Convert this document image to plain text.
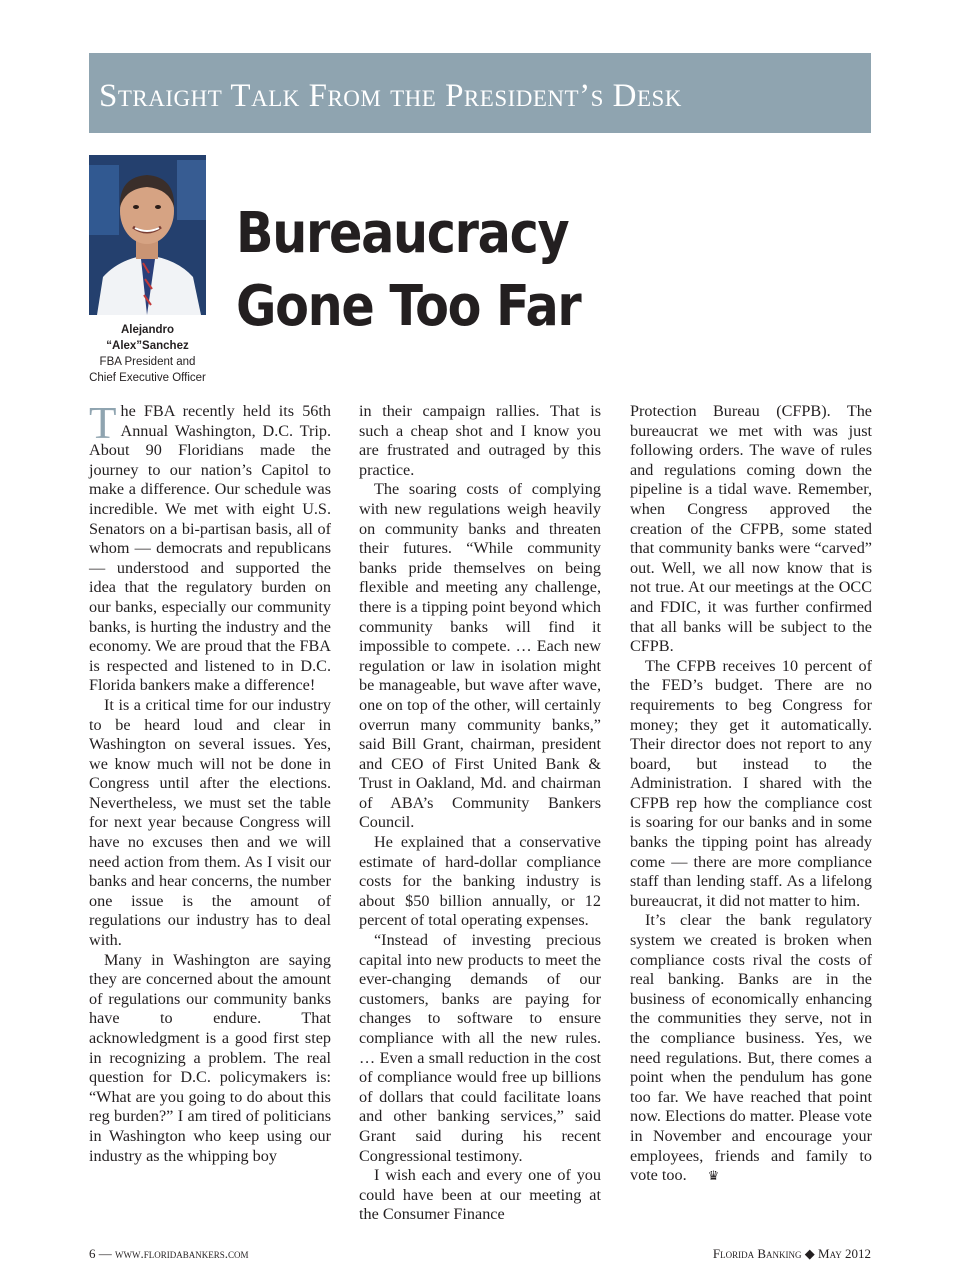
Straight Talk From the President’s Desk
Alejandro
“Alex”Sanchez
FBA President and
Chief Executive Officer
Bureaucracy
Gone Too Far

The FBA recently held its 56th Annual Washington, D.C. Trip. About 90 Floridians made the journey to our nation’s Capitol to make a difference. Our schedule was incredible. We met with eight U.S. Senators on a bi-partisan basis, all of whom — democrats and republicans — understood and supported the idea that the regulatory burden on our banks, especially our community banks, is hurting the industry and the economy. We are proud that the FBA is respected and listened to in D.C. Florida bankers make a difference!

It is a critical time for our industry to be heard loud and clear in Washington on several issues. Yes, we know much will not be done in Congress until after the elections. Nevertheless, we must set the table for next year because Congress will have no excuses then and we will need action from them. As I visit our banks and hear concerns, the number one issue is the amount of regulations our industry has to deal with.

Many in Washington are saying they are concerned about the amount of regulations our community banks have to endure. That acknowledgment is a good first step in recognizing a problem. The real question for D.C. policymakers is: “What are you going to do about this reg burden?” I am tired of politicians in Washington who keep using our industry as the whipping boy

in their campaign rallies. That is such a cheap shot and I know you are frustrated and outraged by this practice.

The soaring costs of complying with new regulations weigh heavily on community banks and threaten their futures. “While community banks pride themselves on being flexible and meeting any challenge, there is a tipping point beyond which community banks will find it impossible to compete. … Each new regulation or law in isolation might be manageable, but wave after wave, one on top of the other, will certainly overrun many community banks,” said Bill Grant, chairman, president and CEO of First United Bank & Trust in Oakland, Md. and chairman of ABA’s Community Bankers Council.

He explained that a conservative estimate of hard-dollar compliance costs for the banking industry is about $50 billion annually, or 12 percent of total operating expenses.

“Instead of investing precious capital into new products to meet the ever-changing demands of our customers, banks are paying for changes to software to ensure compliance with all the new rules. … Even a small reduction in the cost of compliance would free up billions of dollars that could facilitate loans and other banking services,” said Grant said during his recent Congressional testimony.

I wish each and every one of you could have been at our meeting at the Consumer Finance

Protection Bureau (CFPB). The bureaucrat we met with was just following orders. The wave of rules and regulations coming down the pipeline is a tidal wave. Remember, when Congress approved the creation of the CFPB, some stated that community banks were “carved” out. Well, we all now know that is not true. At our meetings at the OCC and FDIC, it was further confirmed that all banks will be subject to the CFPB.

The CFPB receives 10 percent of the FED’s budget. There are no requirements to beg Congress for money; they get it automatically. Their director does not report to any board, but instead to the Administration. I shared with the CFPB rep how the compliance cost is soaring for our banks and in some banks the tipping point has already come — there are more compliance staff than lending staff. As a lifelong bureaucrat, it did not matter to him.

It’s clear the bank regulatory system we created is broken when compliance costs rival the costs of real banking. Banks are in the business of economically enhancing the communities they serve, not in the compliance business. Yes, we need regulations. But, there comes a point when the pendulum has gone too far. We have reached that point now. Elections do matter. Please vote in November and encourage your employees, friends and family to vote too. ♛

6 — www.floridabankers.com	Florida Banking ◆ May 2012
